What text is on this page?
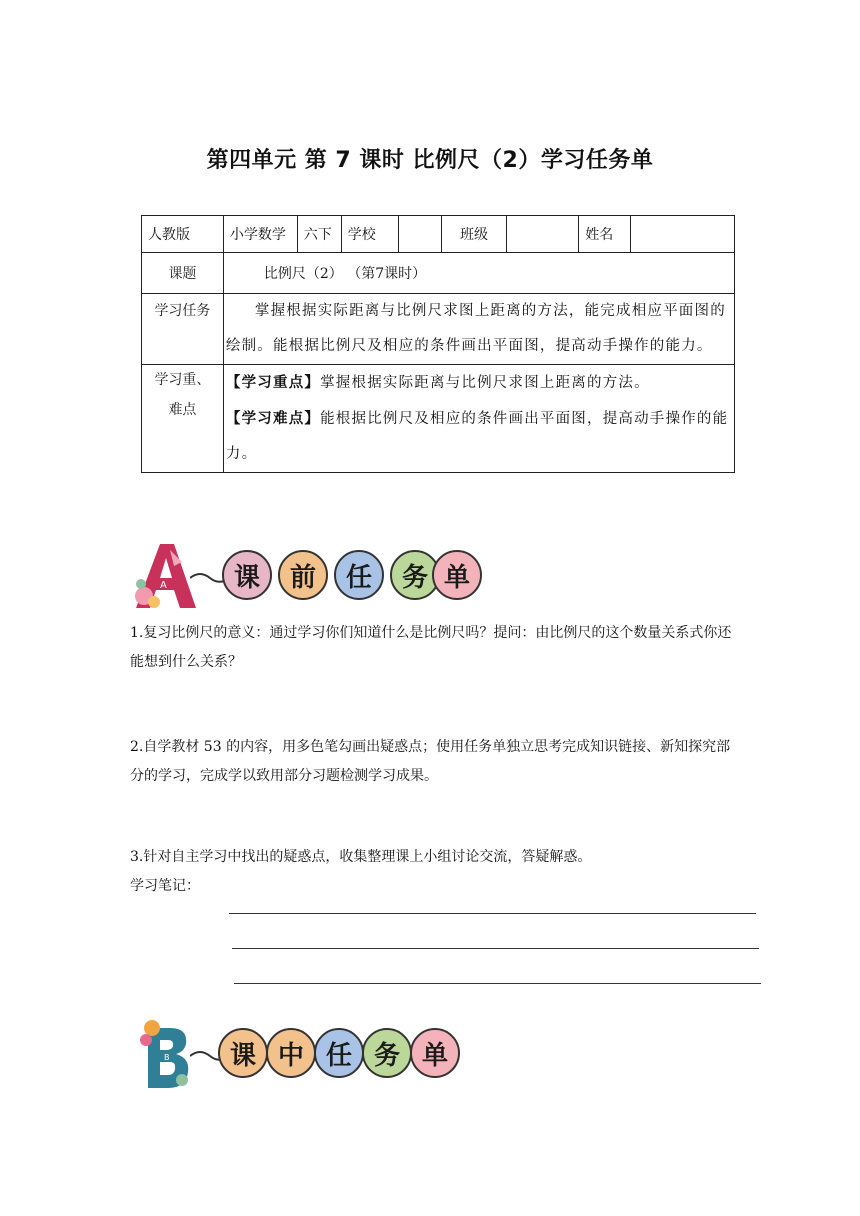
第四单元 第 7 课时 比例尺（2）学习任务单
人教版	小学数学	六下	学校		班级		姓名	
课题	比例尺（2） （第7课时）							
学习任务	掌握根据实际距离与比例尺求图上距离的方法，能完成相应平面图的绘制。能根据比例尺及相应的条件画出平面图，提高动手操作的能力。							

学习重、难点	【学习重点】掌握根据实际距离与比例尺求图上距离的方法。
【学习难点】能根据比例尺及相应的条件画出平面图，提高动手操作的能力。							
A	课 前 任 务 单
1.复习比例尺的意义：通过学习你们知道什么是比例尺吗？提问：由比例尺的这个数量关系式你还能想到什么关系？
2.自学教材 53 的内容，用多色笔勾画出疑惑点；使用任务单独立思考完成知识链接、新知探究部分的学习，完成学以致用部分习题检测学习成果。
3.针对自主学习中找出的疑惑点，收集整理课上小组讨论交流，答疑解惑。
学习笔记：
B 课 中 任 务 单
